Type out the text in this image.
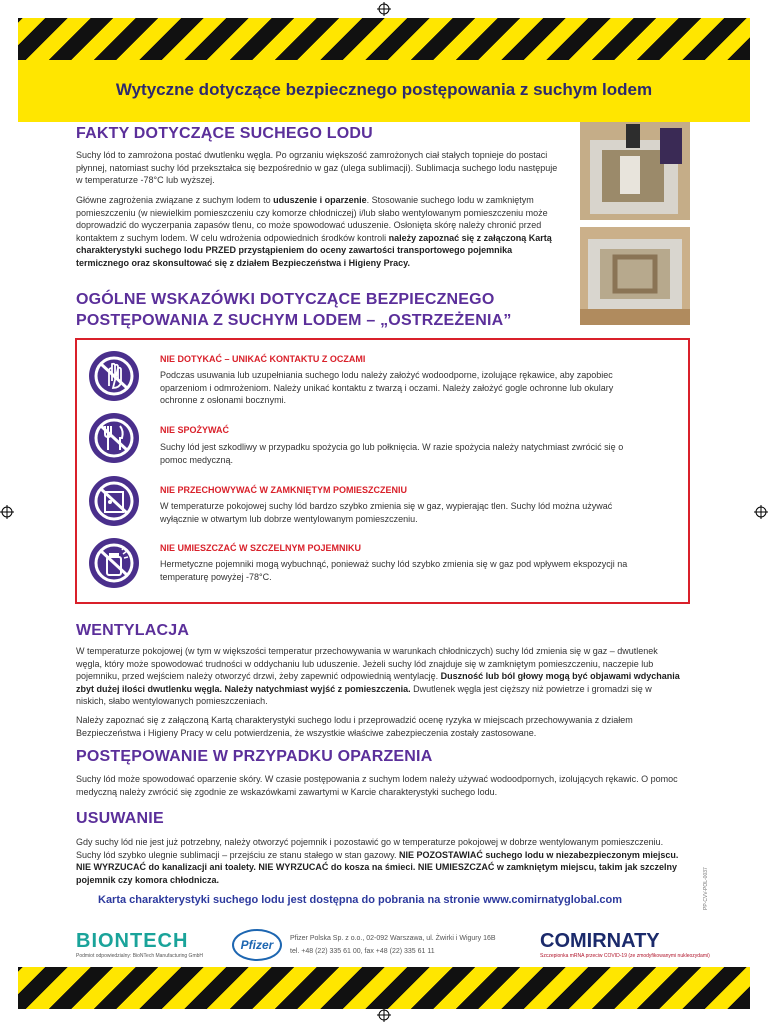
Wytyczne dotyczące bezpiecznego postępowania z suchym lodem
FAKTY DOTYCZĄCE SUCHEGO LODU

Suchy lód to zamrożona postać dwutlenku węgla. Po ogrzaniu większość zamrożonych ciał stałych topnieje do postaci płynnej, natomiast suchy lód przekształca się bezpośrednio w gaz (ulega sublimacji). Sublimacja suchego lodu następuje w temperaturze -78°C lub wyższej.

Główne zagrożenia związane z suchym lodem to uduszenie i oparzenie. Stosowanie suchego lodu w zamkniętym pomieszczeniu (w niewielkim pomieszczeniu czy komorze chłodniczej) i/lub słabo wentylowanym pomieszczeniu może doprowadzić do wyczerpania zapasów tlenu, co może spowodować uduszenie. Osłonięta skórę należy chronić przed kontaktem z suchym lodem. W celu wdrożenia odpowiednich środków kontroli należy zapoznać się z załączoną Kartą charakterystyki suchego lodu PRZED przystąpieniem do oceny zawartości transportowego pojemnika termicznego oraz skonsultować się z działem Bezpieczeństwa i Higieny Pracy.

OGÓLNE WSKAZÓWKI DOTYCZĄCE BEZPIECZNEGO
POSTĘPOWANIA Z SUCHYM LODEM – „OSTRZEŻENIA”

NIE DOTYKAĆ – UNIKAĆ KONTAKTU Z OCZAMI

Podczas usuwania lub uzupełniania suchego lodu należy założyć wodoodporne, izolujące rękawice, aby zapobiec oparzeniom i odmrożeniom. Należy unikać kontaktu z twarzą i oczami. Należy założyć gogle ochronne lub okulary ochronne z osłonami bocznymi.

NIE SPOŻYWAĆ

Suchy lód jest szkodliwy w przypadku spożycia go lub połknięcia. W razie spożycia należy natychmiast zwrócić się o pomoc medyczną.

NIE PRZECHOWYWAĆ W ZAMKNIĘTYM POMIESZCZENIU

W temperaturze pokojowej suchy lód bardzo szybko zmienia się w gaz, wypierając tlen. Suchy lód można używać wyłącznie w otwartym lub dobrze wentylowanym pomieszczeniu.

NIE UMIESZCZAĆ W SZCZELNYM POJEMNIKU

Hermetyczne pojemniki mogą wybuchnąć, ponieważ suchy lód szybko zmienia się w gaz pod wpływem ekspozycji na temperaturę powyżej -78°C.

WENTYLACJA

W temperaturze pokojowej (w tym w większości temperatur przechowywania w warunkach chłodniczych) suchy lód zmienia się w gaz – dwutlenek węgla, który może spowodować trudności w oddychaniu lub uduszenie. Jeżeli suchy lód znajduje się w zamkniętym pomieszczeniu, naczepie lub pojemniku, przed wejściem należy otworzyć drzwi, żeby zapewnić odpowiednią wentylację. Duszność lub ból głowy mogą być objawami wdychania zbyt dużej ilości dwutlenku węgla. Należy natychmiast wyjść z pomieszczenia. Dwutlenek węgla jest cięższy niż powietrze i gromadzi się w niskich, słabo wentylowanych pomieszczeniach.

Należy zapoznać się z załączoną Kartą charakterystyki suchego lodu i przeprowadzić ocenę ryzyka w miejscach przechowywania z działem Bezpieczeństwa i Higieny Pracy w celu potwierdzenia, że wszystkie właściwe zabezpieczenia zostały zastosowane.

POSTĘPOWANIE W PRZYPADKU OPARZENIA

Suchy lód może spowodować oparzenie skóry. W czasie postępowania z suchym lodem należy używać wodoodpornych, izolujących rękawic. O pomoc medyczną należy zwrócić się zgodnie ze wskazówkami zawartymi w Karcie charakterystyki suchego lodu.

USUWANIE

Gdy suchy lód nie jest już potrzebny, należy otworzyć pojemnik i pozostawić go w temperaturze pokojowej w dobrze wentylowanym pomieszczeniu. Suchy lód szybko ulegnie sublimacji – przejściu ze stanu stałego w stan gazowy. NIE POZOSTAWIAĆ suchego lodu w niezabezpieczonym miejscu. NIE WYRZUCAĆ do kanalizacji ani toalety. NIE WYRZUCAĆ do kosza na śmieci. NIE UMIESZCZAĆ w zamkniętym miejscu, takim jak szczelny pojemnik czy komora chłodnicza.

Karta charakterystyki suchego lodu jest dostępna do pobrania na stronie www.comirnatyglobal.com

BIONTECH
Podmiot odpowiedzialny: BioNTech Manufacturing GmbH
Pfizer	Pfizer Polska Sp. z o.o., 02-092 Warszawa, ul. Żwirki i Wigury 16B
tel. +48 (22) 335 61 00, fax +48 (22) 335 61 11	COMIRNATY
Szczepionka mRNA przeciw COVID-19 (ze zmodyfikowanymi nukleozydami)
PP-CVV-POL-0037
